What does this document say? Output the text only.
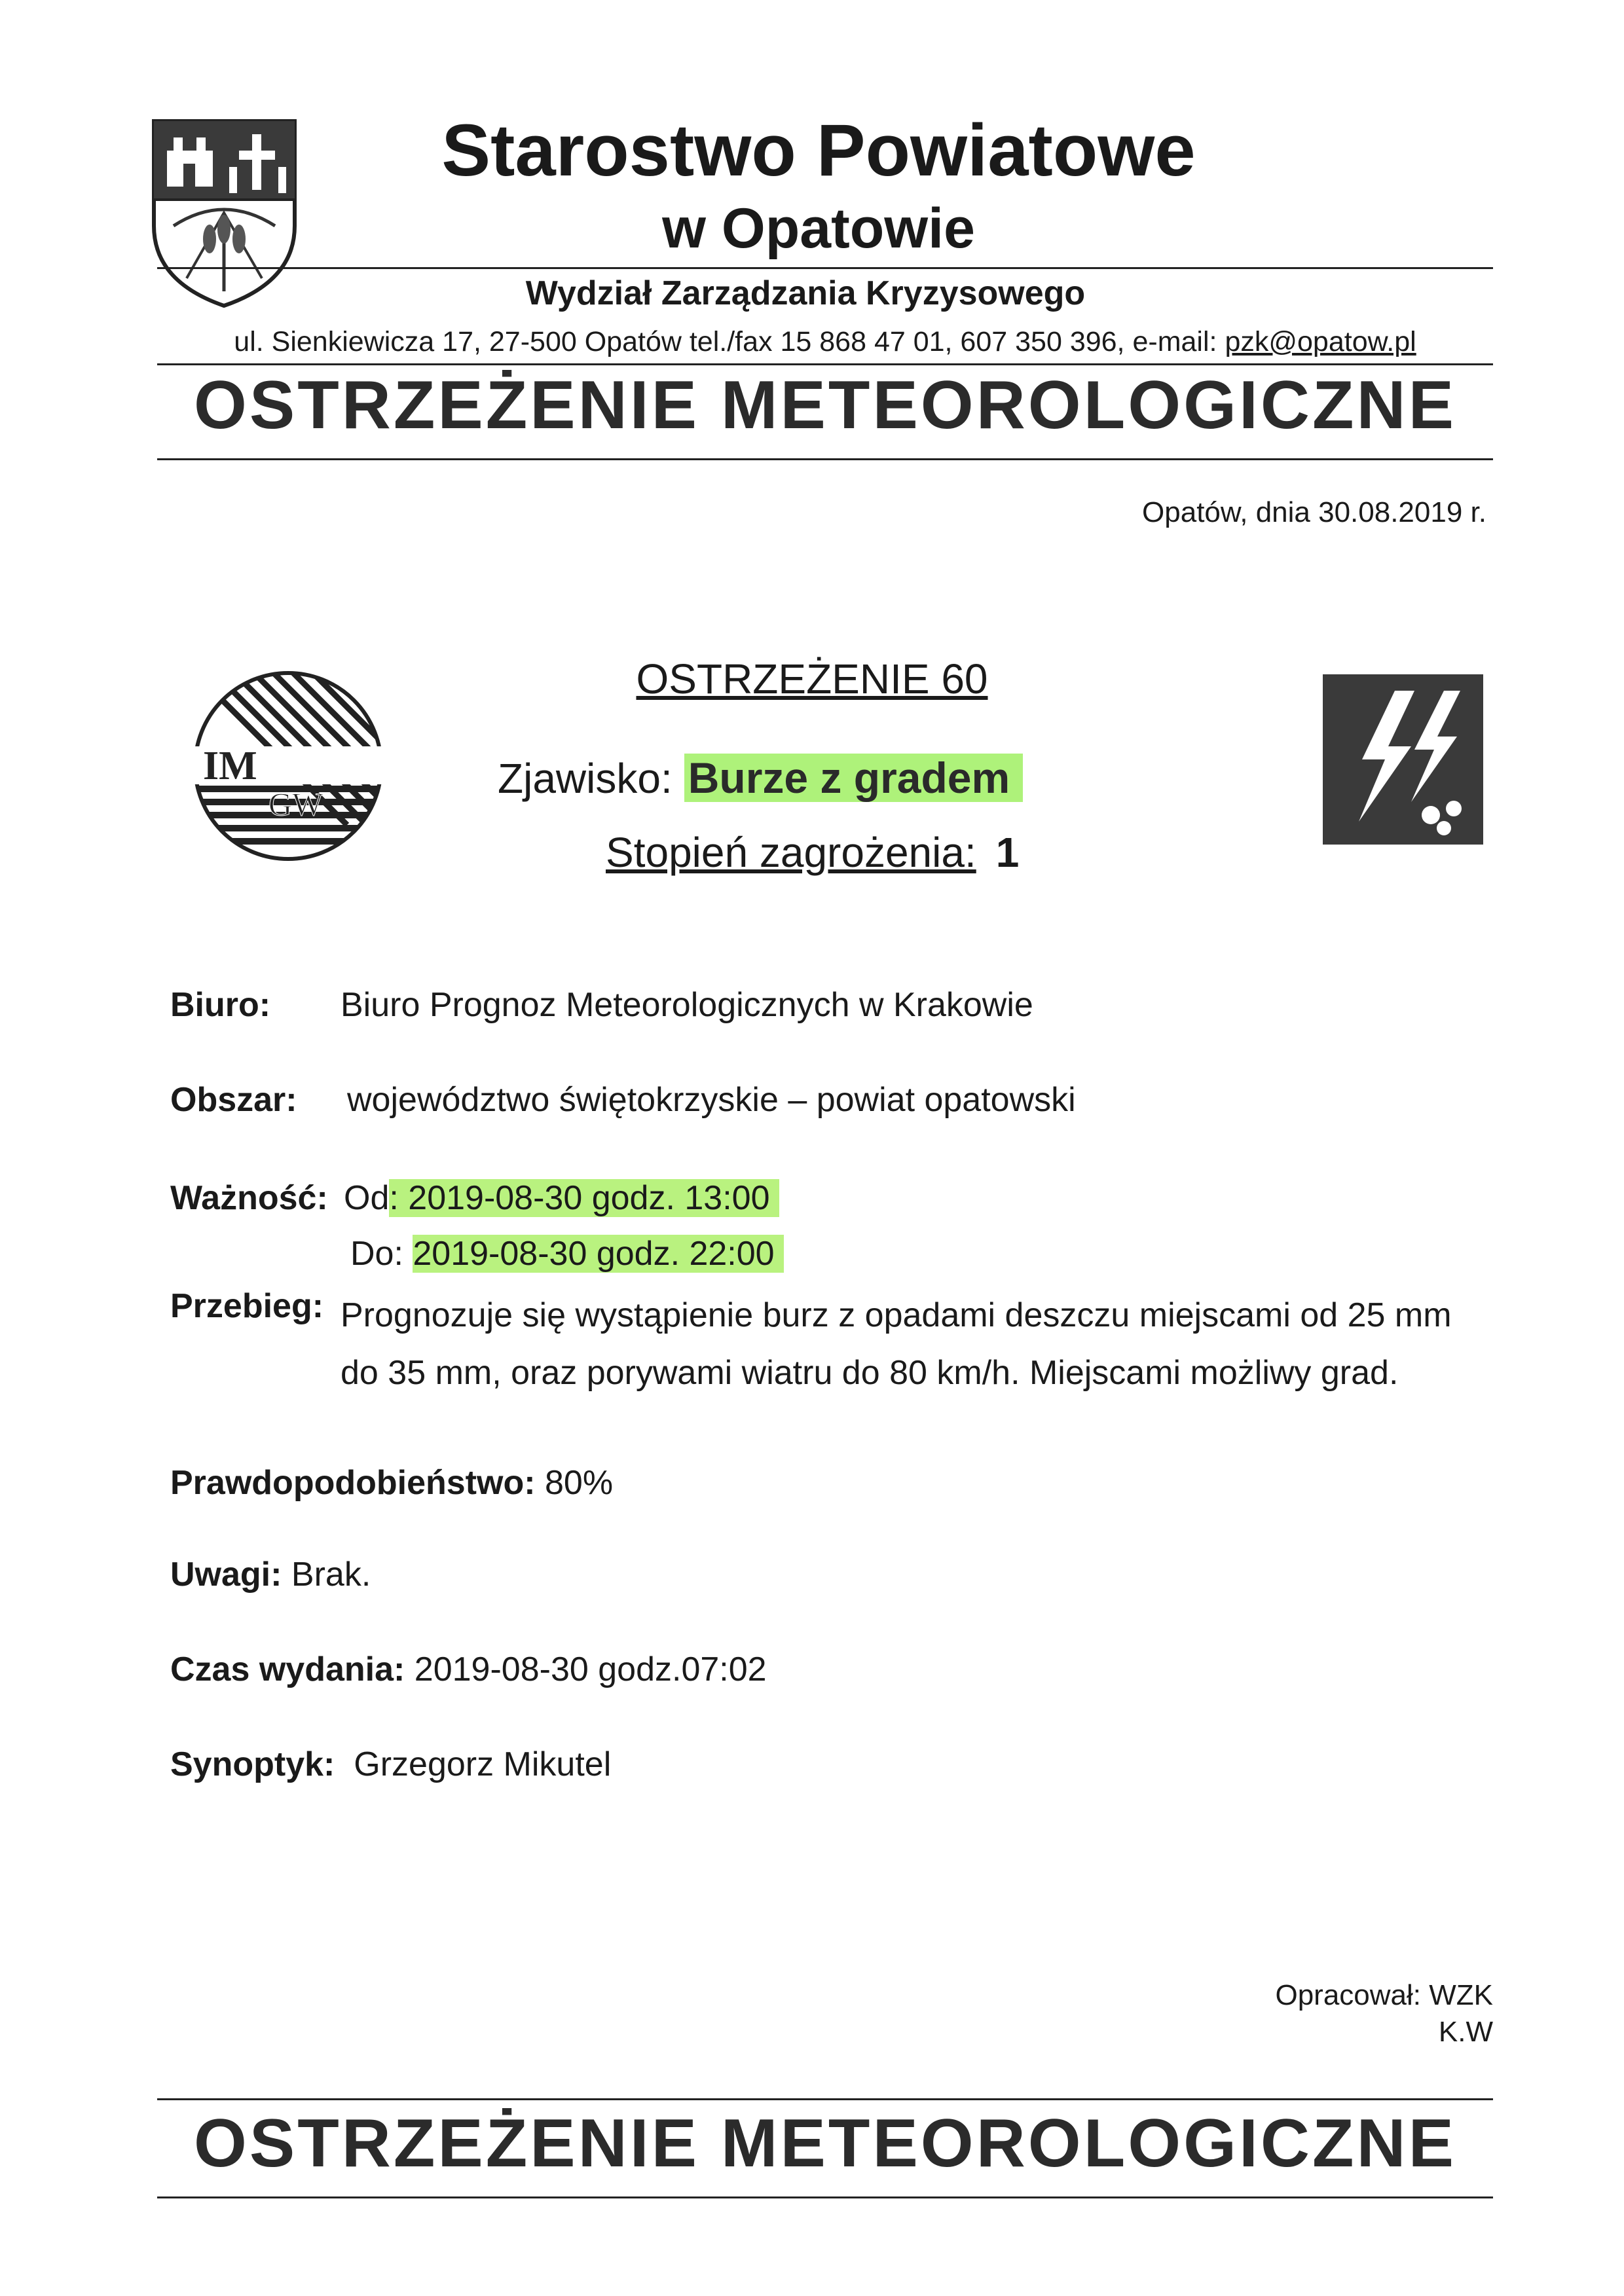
Starostwo Powiatowe
w Opatowie
Wydział Zarządzania Kryzysowego
ul. Sienkiewicza 17, 27-500 Opatów tel./fax 15 868 47 01, 607 350 396, e-mail: pzk@opatow.pl
OSTRZEŻENIE METEOROLOGICZNE
Opatów, dnia 30.08.2019 r.
IM
GW
OSTRZEŻENIE 60
Zjawisko: Burze z gradem
Stopień zagrożenia: 1
Biuro: Biuro Prognoz Meteorologicznych w Krakowie
Obszar: województwo świętokrzyskie – powiat opatowski
Ważność: Od: 2019-08-30 godz. 13:00
Do: 2019-08-30 godz. 22:00
Przebieg: Prognozuje się wystąpienie burz z opadami deszczu miejscami od 25 mm do 35 mm, oraz porywami wiatru do 80 km/h. Miejscami możliwy grad.
Prawdopodobieństwo: 80%
Uwagi: Brak.
Czas wydania: 2019-08-30 godz.07:02
Synoptyk:  Grzegorz Mikutel
Opracował: WZK
K.W
OSTRZEŻENIE METEOROLOGICZNE
